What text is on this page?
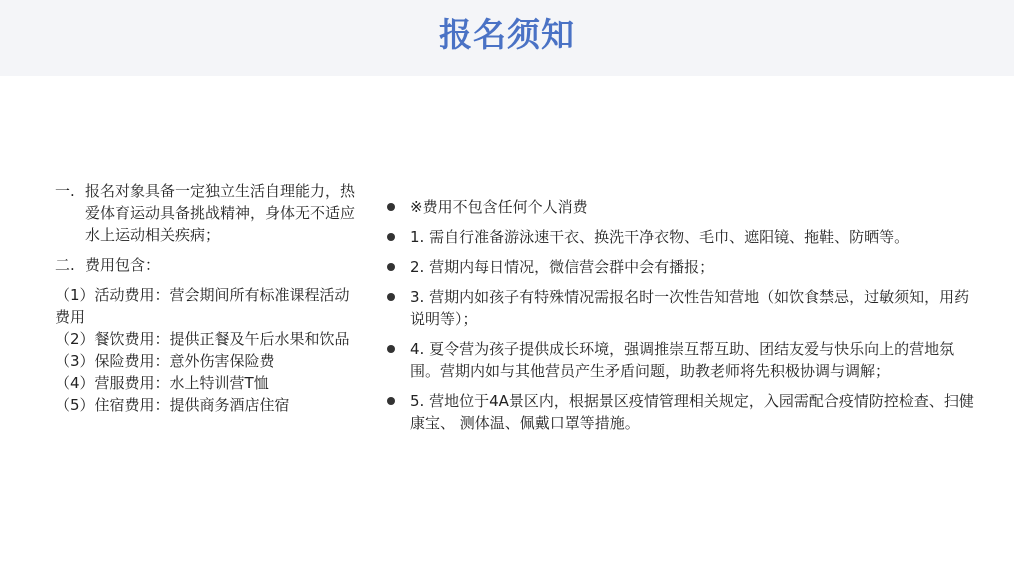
报名须知
一. 报名对象具备一定独立生活自理能力，热爱体育运动具备挑战精神，身体无不适应水上运动相关疾病；
二. 费用包含：
（1）活动费用：营会期间所有标准课程活动费用
（2）餐饮费用：提供正餐及午后水果和饮品
（3）保险费用：意外伤害保险费
（4）营服费用：水上特训营T恤
（5）住宿费用：提供商务酒店住宿
※费用不包含任何个人消费
1. 需自行准备游泳速干衣、换洗干净衣物、毛巾、遮阳镜、拖鞋、防晒等。
2. 营期内每日情况，微信营会群中会有播报；
3. 营期内如孩子有特殊情况需报名时一次性告知营地（如饮食禁忌，过敏须知，用药说明等）；
4. 夏令营为孩子提供成长环境，强调推崇互帮互助、团结友爱与快乐向上的营地氛围。营期内如与其他营员产生矛盾问题，助教老师将先积极协调与调解；
5. 营地位于4A景区内，根据景区疫情管理相关规定，入园需配合疫情防控检查、扫健康宝、 测体温、佩戴口罩等措施。
